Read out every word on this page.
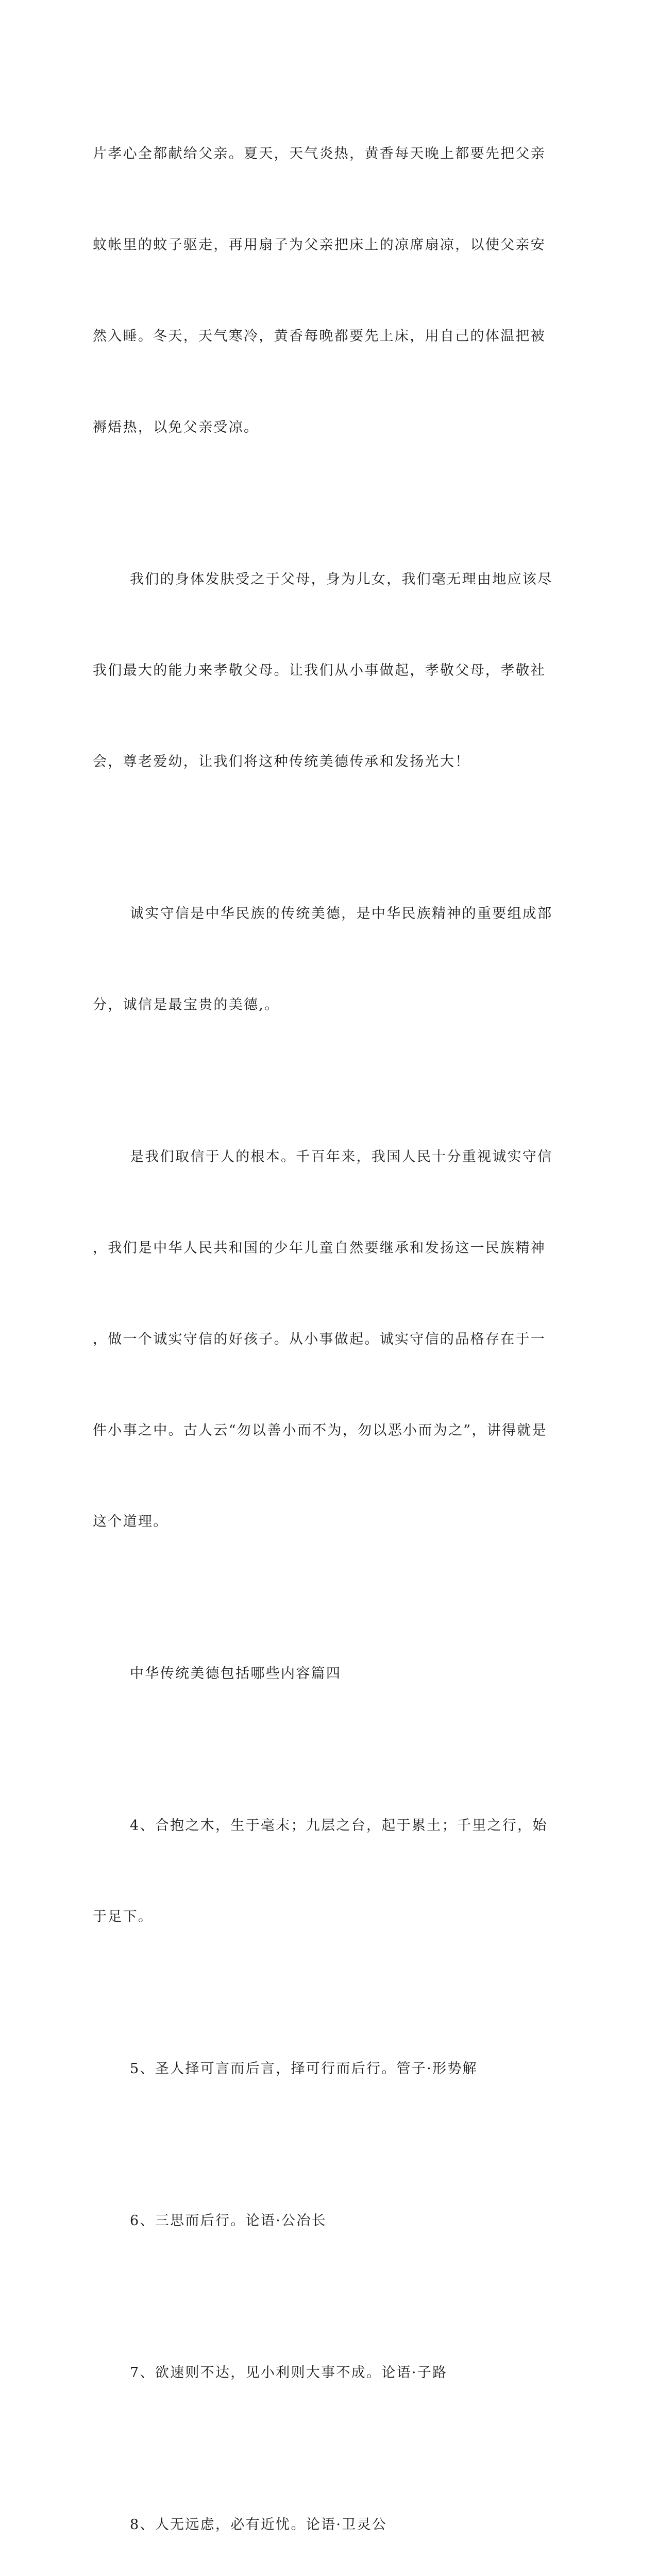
片孝心全都献给父亲。夏天，天气炎热，黄香每天晚上都要先把父亲

蚊帐里的蚊子驱走，再用扇子为父亲把床上的凉席扇凉，以使父亲安

然入睡。冬天，天气寒冷，黄香每晚都要先上床，用自己的体温把被

褥焐热，以免父亲受凉。

我们的身体发肤受之于父母，身为儿女，我们毫无理由地应该尽

我们最大的能力来孝敬父母。让我们从小事做起，孝敬父母，孝敬社

会，尊老爱幼，让我们将这种传统美德传承和发扬光大！

诚实守信是中华民族的传统美德，是中华民族精神的重要组成部

分，诚信是最宝贵的美德,。

是我们取信于人的根本。千百年来，我国人民十分重视诚实守信

，我们是中华人民共和国的少年儿童自然要继承和发扬这一民族精神

，做一个诚实守信的好孩子。从小事做起。诚实守信的品格存在于一

件小事之中。古人云“勿以善小而不为，勿以恶小而为之”，讲得就是

这个道理。

中华传统美德包括哪些内容篇四

4、合抱之木，生于毫末；九层之台，起于累土；千里之行，始

于足下。

5、圣人择可言而后言，择可行而后行。管子·形势解

6、三思而后行。论语·公冶长

7、欲速则不达，见小利则大事不成。论语·子路

8、人无远虑，必有近忧。论语·卫灵公
